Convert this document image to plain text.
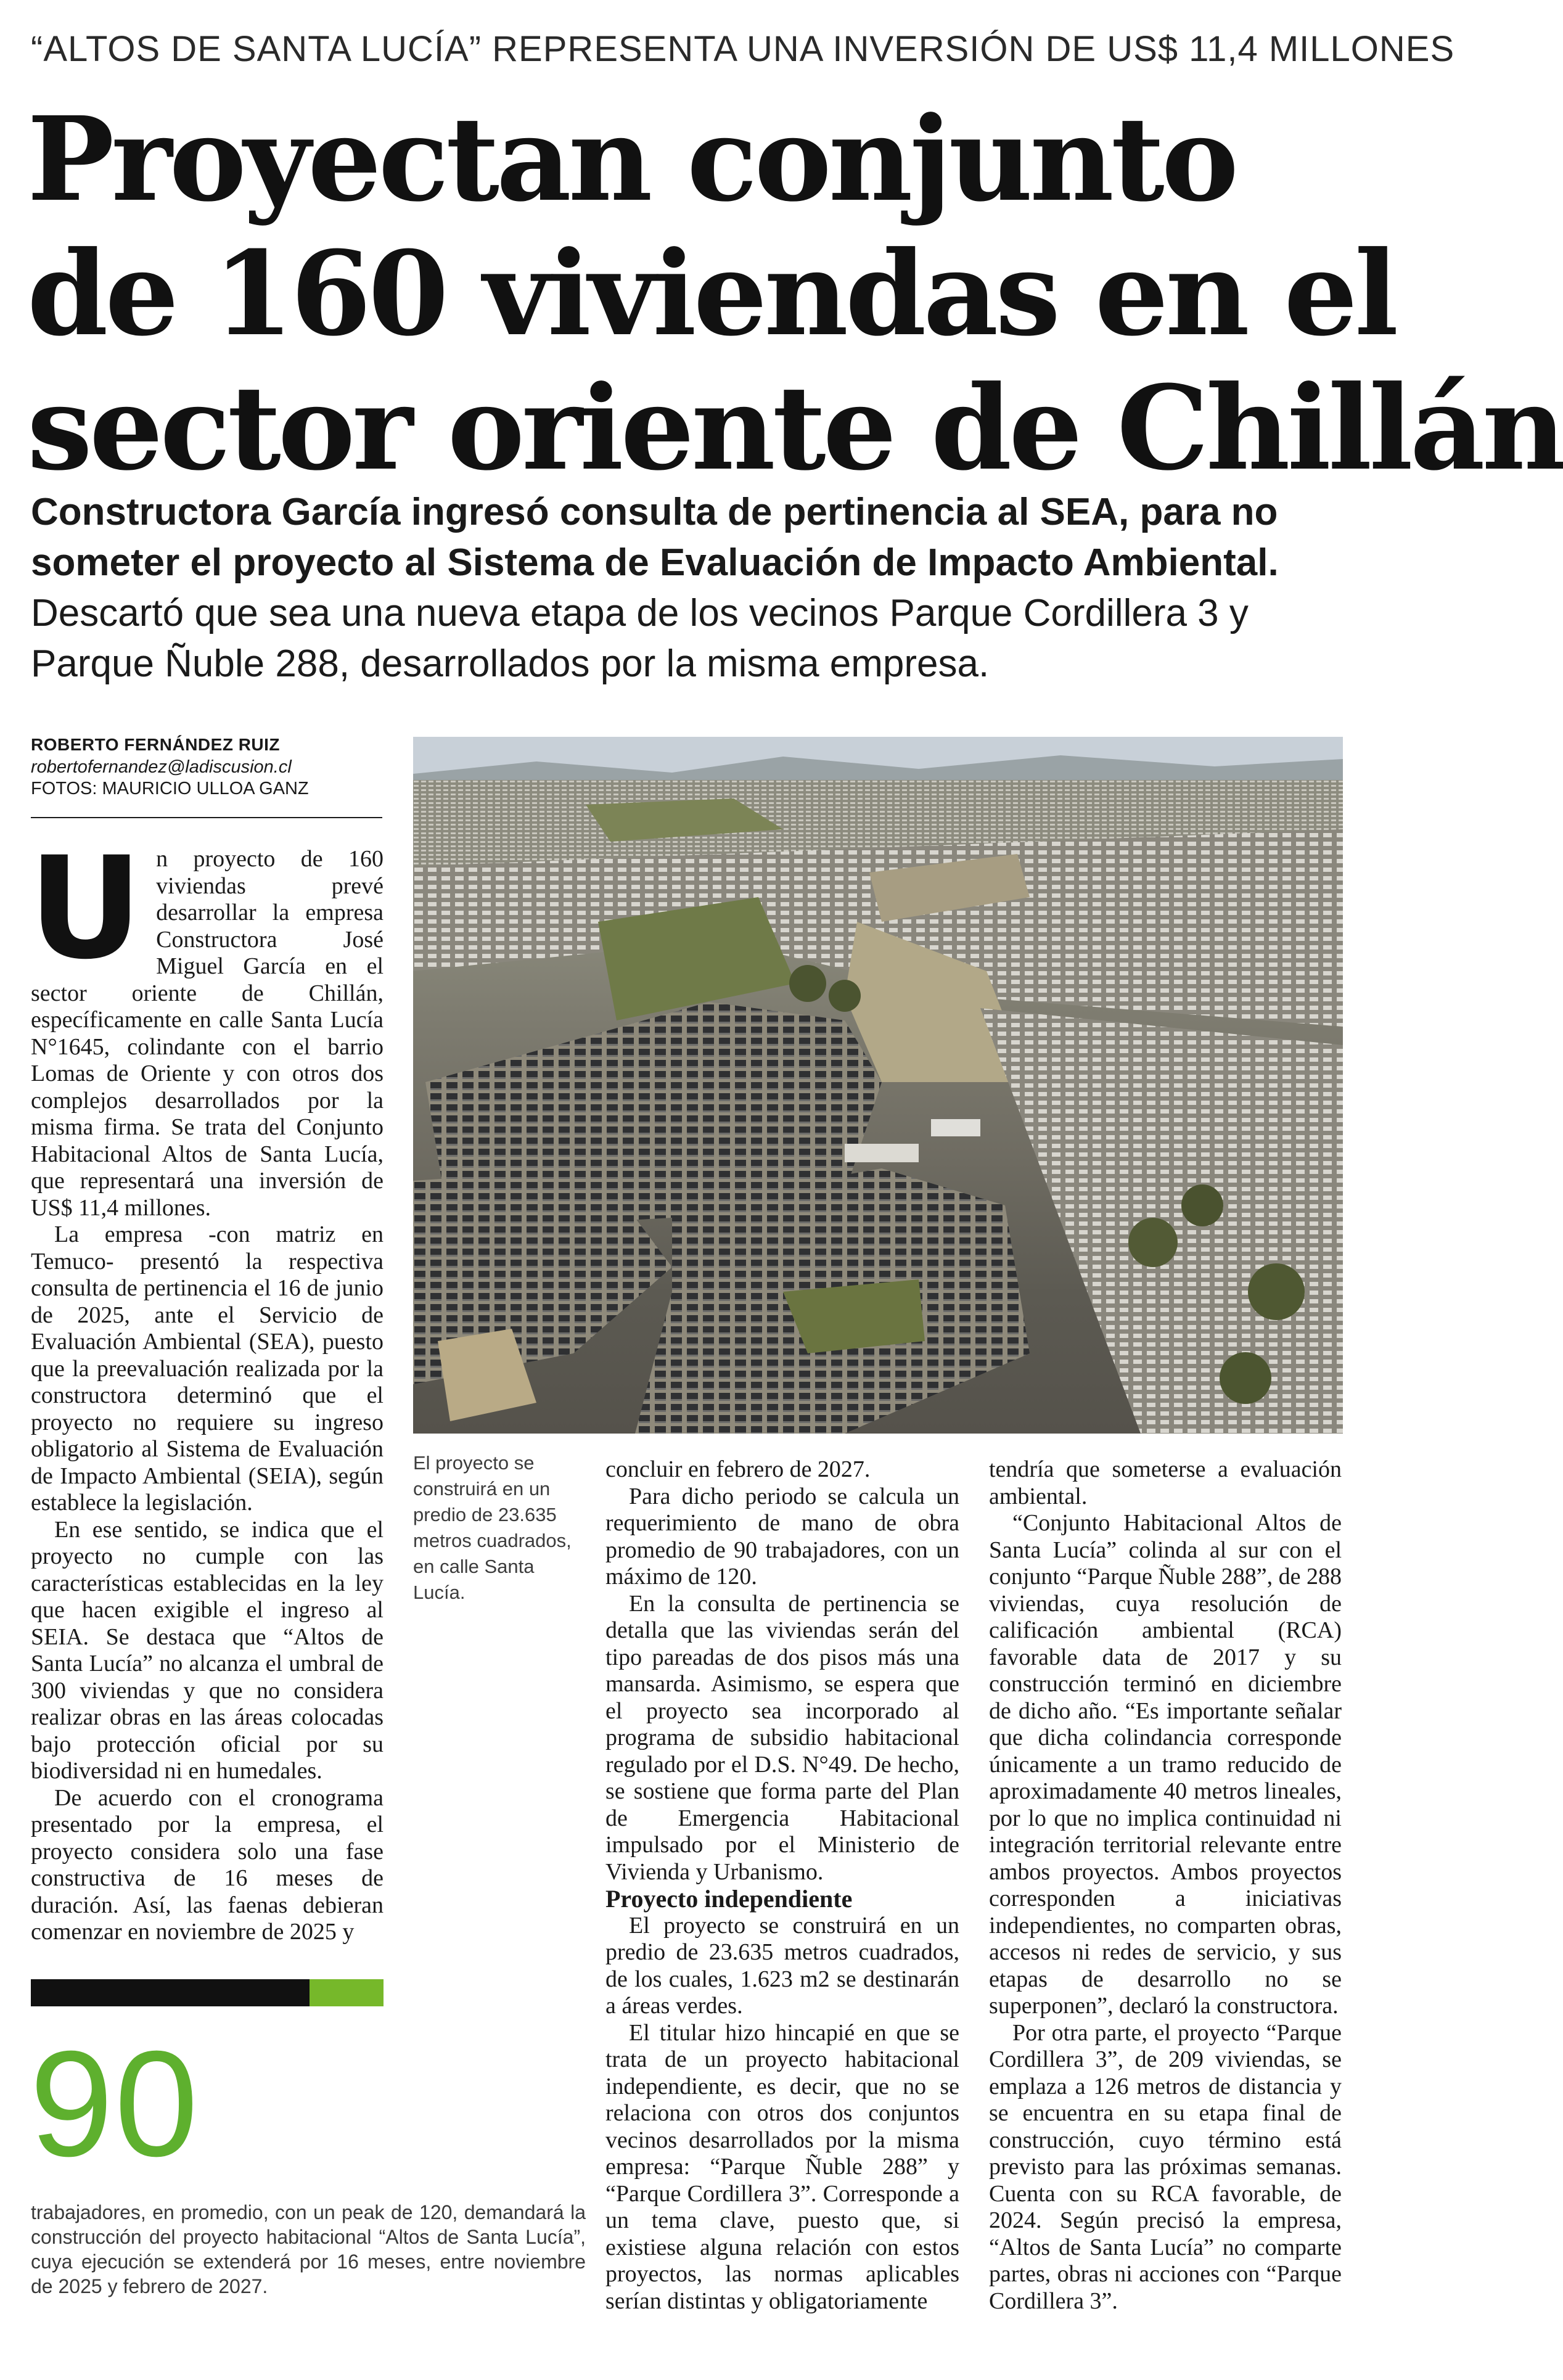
“ALTOS DE SANTA LUCÍA” REPRESENTA UNA INVERSIÓN DE US$ 11,4 MILLONES
Proyectan conjunto
de 160 viviendas en el
sector oriente de Chillán
Constructora García ingresó consulta de pertinencia al SEA, para no someter el proyecto al Sistema de Evaluación de Impacto Ambiental. Descartó que sea una nueva etapa de los vecinos Parque Cordillera 3 y Parque Ñuble 288, desarrollados por la misma empresa.
ROBERTO FERNÁNDEZ RUIZ
robertofernandez@ladiscusion.cl
FOTOS: MAURICIO ULLOA GANZ

Un proyecto de 160 viviendas prevé desarrollar la empresa Constructora José Miguel García en el sector oriente de Chillán, específicamente en calle Santa Lucía N°1645, colindante con el barrio Lomas de Oriente y con otros dos complejos desarrollados por la misma firma. Se trata del Conjunto Habitacional Altos de Santa Lucía, que representará una inversión de US$ 11,4 millones.

La empresa -con matriz en Temuco- presentó la respectiva consulta de pertinencia el 16 de junio de 2025, ante el Servicio de Evaluación Ambiental (SEA), puesto que la preevaluación realizada por la constructora determinó que el proyecto no requiere su ingreso obligatorio al Sistema de Evaluación de Impacto Ambiental (SEIA), según establece la legislación.

En ese sentido, se indica que el proyecto no cumple con las características establecidas en la ley que hacen exigible el ingreso al SEIA. Se destaca que “Altos de Santa Lucía” no alcanza el umbral de 300 viviendas y que no considera realizar obras en las áreas colocadas bajo protección oficial por su biodiversidad ni en humedales.

De acuerdo con el cronograma presentado por la empresa, el proyecto considera solo una fase constructiva de 16 meses de duración. Así, las faenas debieran comenzar en noviembre de 2025 y

El proyecto se construirá en un predio de 23.635 metros cuadrados, en calle Santa Lucía.

concluir en febrero de 2027.

Para dicho periodo se calcula un requerimiento de mano de obra promedio de 90 trabajadores, con un máximo de 120.

En la consulta de pertinencia se detalla que las viviendas serán del tipo pareadas de dos pisos más una mansarda. Asimismo, se espera que el proyecto sea incorporado al programa de subsidio habitacional regulado por el D.S. N°49. De hecho, se sostiene que forma parte del Plan de Emergencia Habitacional impulsado por el Ministerio de Vivienda y Urbanismo.

Proyecto independiente

El proyecto se construirá en un predio de 23.635 metros cuadrados, de los cuales, 1.623 m2 se destinarán a áreas verdes.

El titular hizo hincapié en que se trata de un proyecto habitacional independiente, es decir, que no se relaciona con otros dos conjuntos vecinos desarrollados por la misma empresa: “Parque Ñuble 288” y “Parque Cordillera 3”. Corresponde a un tema clave, puesto que, si existiese alguna relación con estos proyectos, las normas aplicables serían distintas y obligatoriamente

tendría que someterse a evaluación ambiental.

“Conjunto Habitacional Altos de Santa Lucía” colinda al sur con el conjunto “Parque Ñuble 288”, de 288 viviendas, cuya resolución de calificación ambiental (RCA) favorable data de 2017 y su construcción terminó en diciembre de dicho año. “Es importante señalar que dicha colindancia corresponde únicamente a un tramo reducido de aproximadamente 40 metros lineales, por lo que no implica continuidad ni integración territorial relevante entre ambos proyectos. Ambos proyectos corresponden a iniciativas independientes, no comparten obras, accesos ni redes de servicio, y sus etapas de desarrollo no se superponen”, declaró la constructora.

Por otra parte, el proyecto “Parque Cordillera 3”, de 209 viviendas, se emplaza a 126 metros de distancia y se encuentra en su etapa final de construcción, cuyo término está previsto para las próximas semanas. Cuenta con su RCA favorable, de 2024. Según precisó la empresa, “Altos de Santa Lucía” no comparte partes, obras ni acciones con “Parque Cordillera 3”.

90
trabajadores, en promedio, con un peak de 120, demandará la construcción del proyecto habitacional “Altos de Santa Lucía”, cuya ejecución se extenderá por 16 meses, entre noviembre de 2025 y febrero de 2027.
